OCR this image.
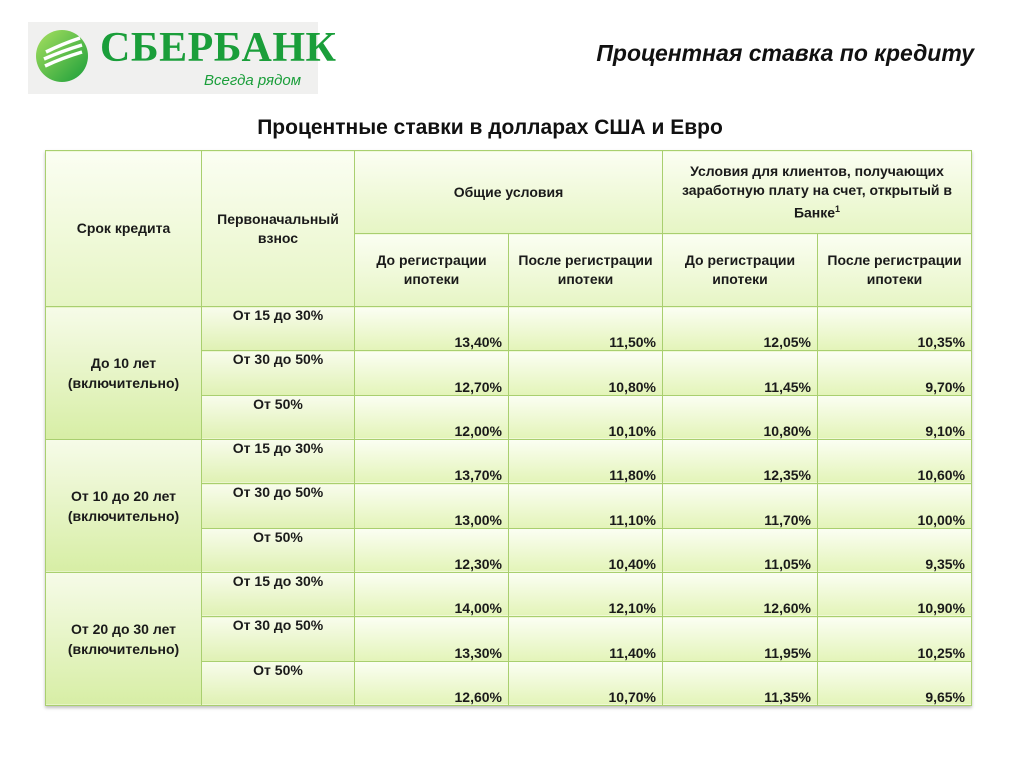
СБЕРБАНК
Всегда рядом
Процентная ставка по кредиту
Процентные ставки в долларах США и Евро
Срок кредита	Первоначальный взнос	Общие условия		Условия для клиентов, получающих заработную плату на счет, открытый в Банке$^1$
		До регистрации ипотеки	После регистрации ипотеки	До регистрации ипотеки	После регистрации ипотеки
До 10 лет (включительно)	От 15 до 30%	13,40%	11,50%	12,05%	10,35%
	От 30 до 50%	12,70%	10,80%	11,45%	9,70%
	От 50%	12,00%	10,10%	10,80%	9,10%
От 10 до 20 лет (включительно)	От 15 до 30%	13,70%	11,80%	12,35%	10,60%
	От 30 до 50%	13,00%	11,10%	11,70%	10,00%
	От 50%	12,30%	10,40%	11,05%	9,35%
От 20 до 30 лет (включительно)	От 15 до 30%	14,00%	12,10%	12,60%	10,90%
	От 30 до 50%	13,30%	11,40%	11,95%	10,25%
	От 50%	12,60%	10,70%	11,35%	9,65%
